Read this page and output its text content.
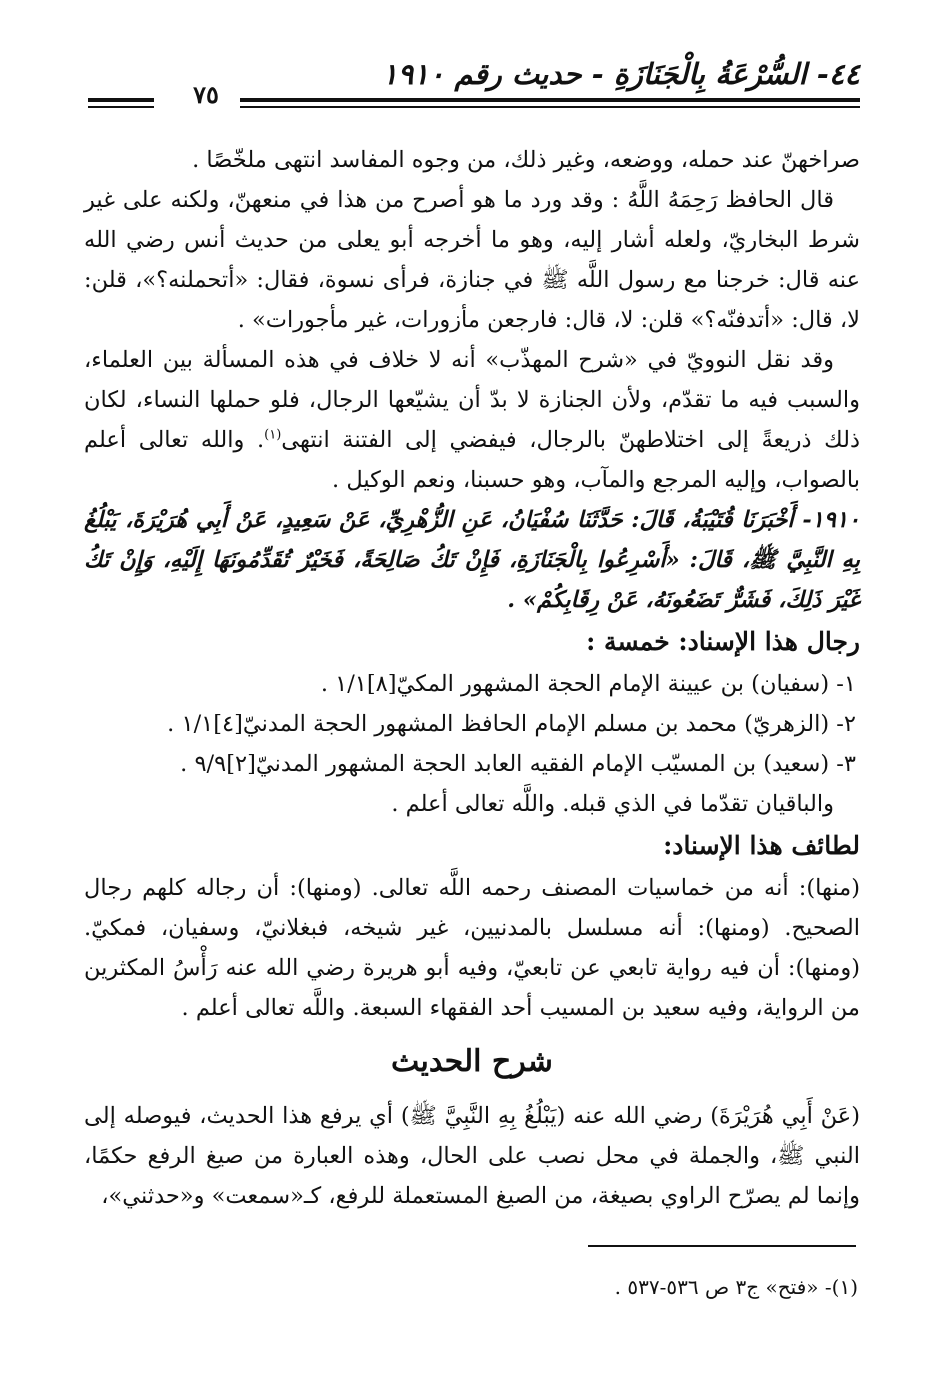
٤٤- السُّرْعَةُ بِالْجَنَازَةِ - حديث رقم ١٩١٠
٧٥

صراخهنّ عند حمله، ووضعه، وغير ذلك، من وجوه المفاسد انتهى ملخّصًا .

قال الحافظ رَحِمَهُ اللَّهُ : وقد ورد ما هو أصرح من هذا في منعهنّ، ولكنه على غير شرط البخاريّ، ولعله أشار إليه، وهو ما أخرجه أبو يعلى من حديث أنس رضي الله عنه قال: خرجنا مع رسول اللَّه ﷺ في جنازة، فرأى نسوة، فقال: «أتحملنه؟»، قلن: لا، قال: «أتدفنّه؟» قلن: لا، قال: فارجعن مأزورات، غير مأجورات» .

وقد نقل النوويّ في «شرح المهذّب» أنه لا خلاف في هذه المسألة بين العلماء، والسبب فيه ما تقدّم، ولأن الجنازة لا بدّ أن يشيّعها الرجال، فلو حملها النساء، لكان ذلك ذريعةً إلى اختلاطهنّ بالرجال، فيفضي إلى الفتنة انتهى$^{(١)}$. والله تعالى أعلم بالصواب، وإليه المرجع والمآب، وهو حسبنا، ونعم الوكيل .

١٩١٠- أَخْبَرَنَا قُتَيْبَةُ، قَالَ: حَدَّثَنَا سُفْيَانُ، عَنِ الزُّهْرِيِّ، عَنْ سَعِيدٍ، عَنْ أَبِي هُرَيْرَةَ، يَبْلُغُ بِهِ النَّبِيَّ ﷺ، قَالَ: «أَسْرِعُوا بِالْجَنَازَةِ، فَإِنْ تَكُ صَالِحَةً، فَخَيْرٌ تُقَدِّمُونَهَا إِلَيْهِ، وَإِنْ تَكُ غَيْرَ ذَلِكَ، فَشَرٌّ تَضَعُونَهُ، عَنْ رِقَابِكُمْ» .

رجال هذا الإسناد: خمسة :

١- (سفيان) بن عيينة الإمام الحجة المشهور المكيّ[٨]١/١ .

٢- (الزهريّ) محمد بن مسلم الإمام الحافظ المشهور الحجة المدنيّ[٤]١/١ .

٣- (سعيد) بن المسيّب الإمام الفقيه العابد الحجة المشهور المدنيّ[٢]٩/٩ .

والباقيان تقدّما في الذي قبله. واللَّه تعالى أعلم .

لطائف هذا الإسناد:

(منها): أنه من خماسيات المصنف رحمه اللَّه تعالى. (ومنها): أن رجاله كلهم رجال الصحيح. (ومنها): أنه مسلسل بالمدنيين، غير شيخه، فبغلانيّ، وسفيان، فمكيّ. (ومنها): أن فيه رواية تابعي عن تابعيّ، وفيه أبو هريرة رضي الله عنه رَأْسُ المكثرين من الرواية، وفيه سعيد بن المسيب أحد الفقهاء السبعة. واللَّه تعالى أعلم .

شرح الحديث

(عَنْ أَبِي هُرَيْرَةَ) رضي الله عنه (يَبْلُغُ بِهِ النَّبِيَّ ﷺ) أي يرفع هذا الحديث، فيوصله إلى النبي ﷺ، والجملة في محل نصب على الحال، وهذه العبارة من صيغ الرفع حكمًا، وإنما لم يصرّح الراوي بصيغة، من الصيغ المستعملة للرفع، كـ«سمعت» و«حدثني»،

(١)- «فتح» ج٣ ص ٥٣٦-٥٣٧ .
